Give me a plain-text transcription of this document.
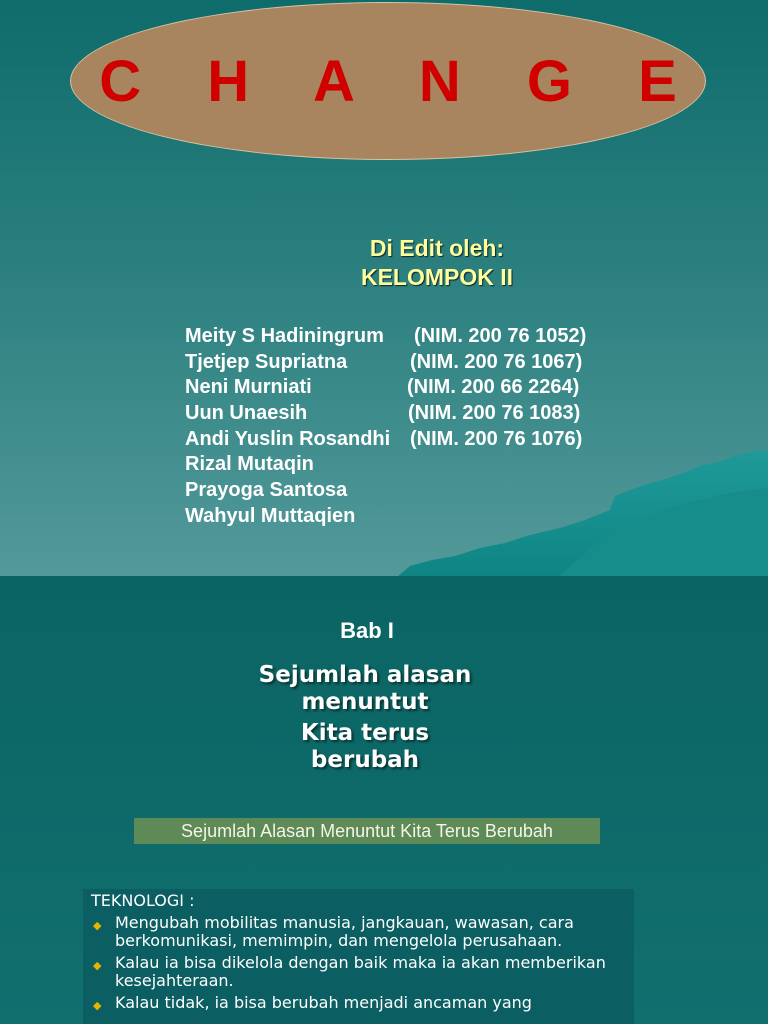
C H A N G E
Di Edit oleh:
KELOMPOK II
Meity S Hadiningrum (NIM. 200 76 1052)
Tjetjep Supriatna	(NIM. 200 76 1067)
Neni Murniati	(NIM. 200 66 2264)
Uun Unaesih	(NIM. 200 76 1083)
Andi Yuslin Rosandhi (NIM. 200 76 1076)
Rizal Mutaqin
Prayoga Santosa
Wahyul Muttaqien
Bab I
Sejumlah alasan
menuntut
Kita terus
berubah
Sejumlah Alasan Menuntut Kita Terus Berubah
TEKNOLOGI :
◆ Mengubah mobilitas manusia, jangkauan, wawasan, cara berkomunikasi, memimpin, dan mengelola perusahaan.
◆ Kalau ia bisa dikelola dengan baik maka ia akan memberikan kesejahteraan.
◆ Kalau tidak, ia bisa berubah menjadi ancaman yang
